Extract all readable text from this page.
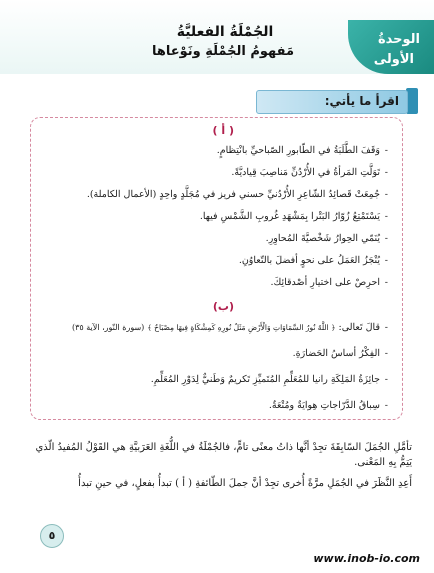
الوحدةُ
الأولى
الجُمْلَةُ الفعليَّةُ
مَفهومُ الجُمْلَةِ ونَوْعاها
اقرأ ما يأتي:
( أ )
- وَقَفَ الطَّلَبَةُ في الطّابورِ الصّباحيِّ بانْتِظامٍ.
- تَوَلَّتِ المَرأةُ في الأُرْدُنِّ مَناصِبَ قِياديَّةً.
- جُمِعَتْ قَصائِدُ الشّاعِرِ الأُرْدُنيِّ حسني فريز في مُجَلَّدٍ واحِدٍ (الأعمال الكاملة).
- يَسْتَمْتِعُ زُوّارُ البَتْرا بِمَشْهَدِ غُروبِ الشَّمْسِ فيها.
- يُنَمّي الحِوارُ شَخْصيَّةَ المُحاوِرِ.
- يُنْجَزُ العَمَلُ على نحوٍ أفضلَ بالتّعاوُنِ.
- احرِصْ على اختيارِ أصْدقائِكَ.
(ب)
- قالَ تَعالى: ﴿ اللَّهُ نُورُ السَّمَاوَاتِ وَالْأَرْضِ مَثَلُ نُورِهِ كَمِشْكَاةٍ فِيهَا مِصْبَاحٌ ﴾ (سورة النّور، الآية ٣٥)
- الفِكْرُ أساسُ الحَضارَةِ.
- جائِزَةُ المَلِكَةِ رانيا للمُعَلِّمِ المُتَميِّزِ تَكريمٌ وَطَنيٌّ لِدَوْرِ المُعَلِّمِ.
- سِباقُ الدَّرّاجاتِ هِوايَةٌ ومُتْعَةٌ.
تأمَّلِ الجُمَلَ السّابِقَةَ تجِدْ أنَّها ذاتُ معنًى تامٍّ، فالجُمْلَةُ في اللُّغَةِ العَرَبيَّةِ هي القَوْلُ المُفيدُ الّذي يَتِمُّ بِهِ المَعْنى.
أَعِدِ النَّظَرَ في الجُمَلِ مرَّةً أُخرى تجِدْ أنَّ جملَ الطّائفةِ ( أ ) تبدأُ بفعلٍ، في حينِ تبدأُ
٥
www.inob-io.com
